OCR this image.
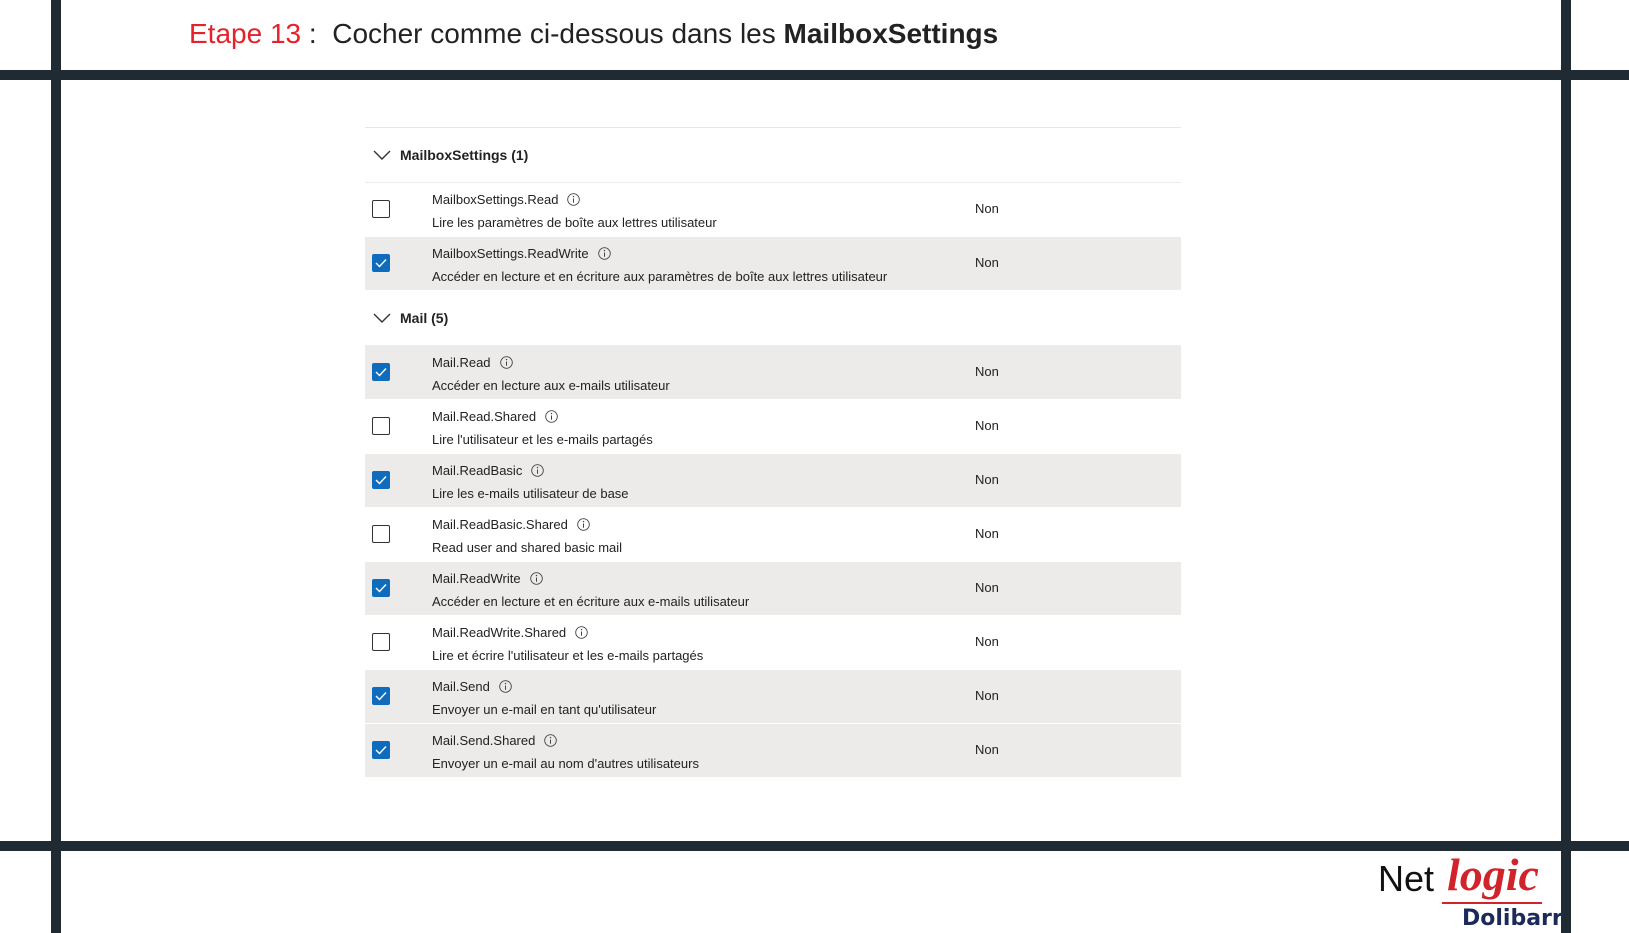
Etape 13 :  Cocher comme ci-dessous dans les MailboxSettings
MailboxSettings (1)
MailboxSettings.Read
Lire les paramètres de boîte aux lettres utilisateur
Non
MailboxSettings.ReadWrite
Accéder en lecture et en écriture aux paramètres de boîte aux lettres utilisateur
Non
Mail (5)
Mail.Read
Accéder en lecture aux e-mails utilisateur
Non
Mail.Read.Shared
Lire l'utilisateur et les e-mails partagés
Non
Mail.ReadBasic
Lire les e-mails utilisateur de base
Non
Mail.ReadBasic.Shared
Read user and shared basic mail
Non
Mail.ReadWrite
Accéder en lecture et en écriture aux e-mails utilisateur
Non
Mail.ReadWrite.Shared
Lire et écrire l'utilisateur et les e-mails partagés
Non
Mail.Send
Envoyer un e-mail en tant qu'utilisateur
Non
Mail.Send.Shared
Envoyer un e-mail au nom d'autres utilisateurs
Non
Net logic
Dolibarr
